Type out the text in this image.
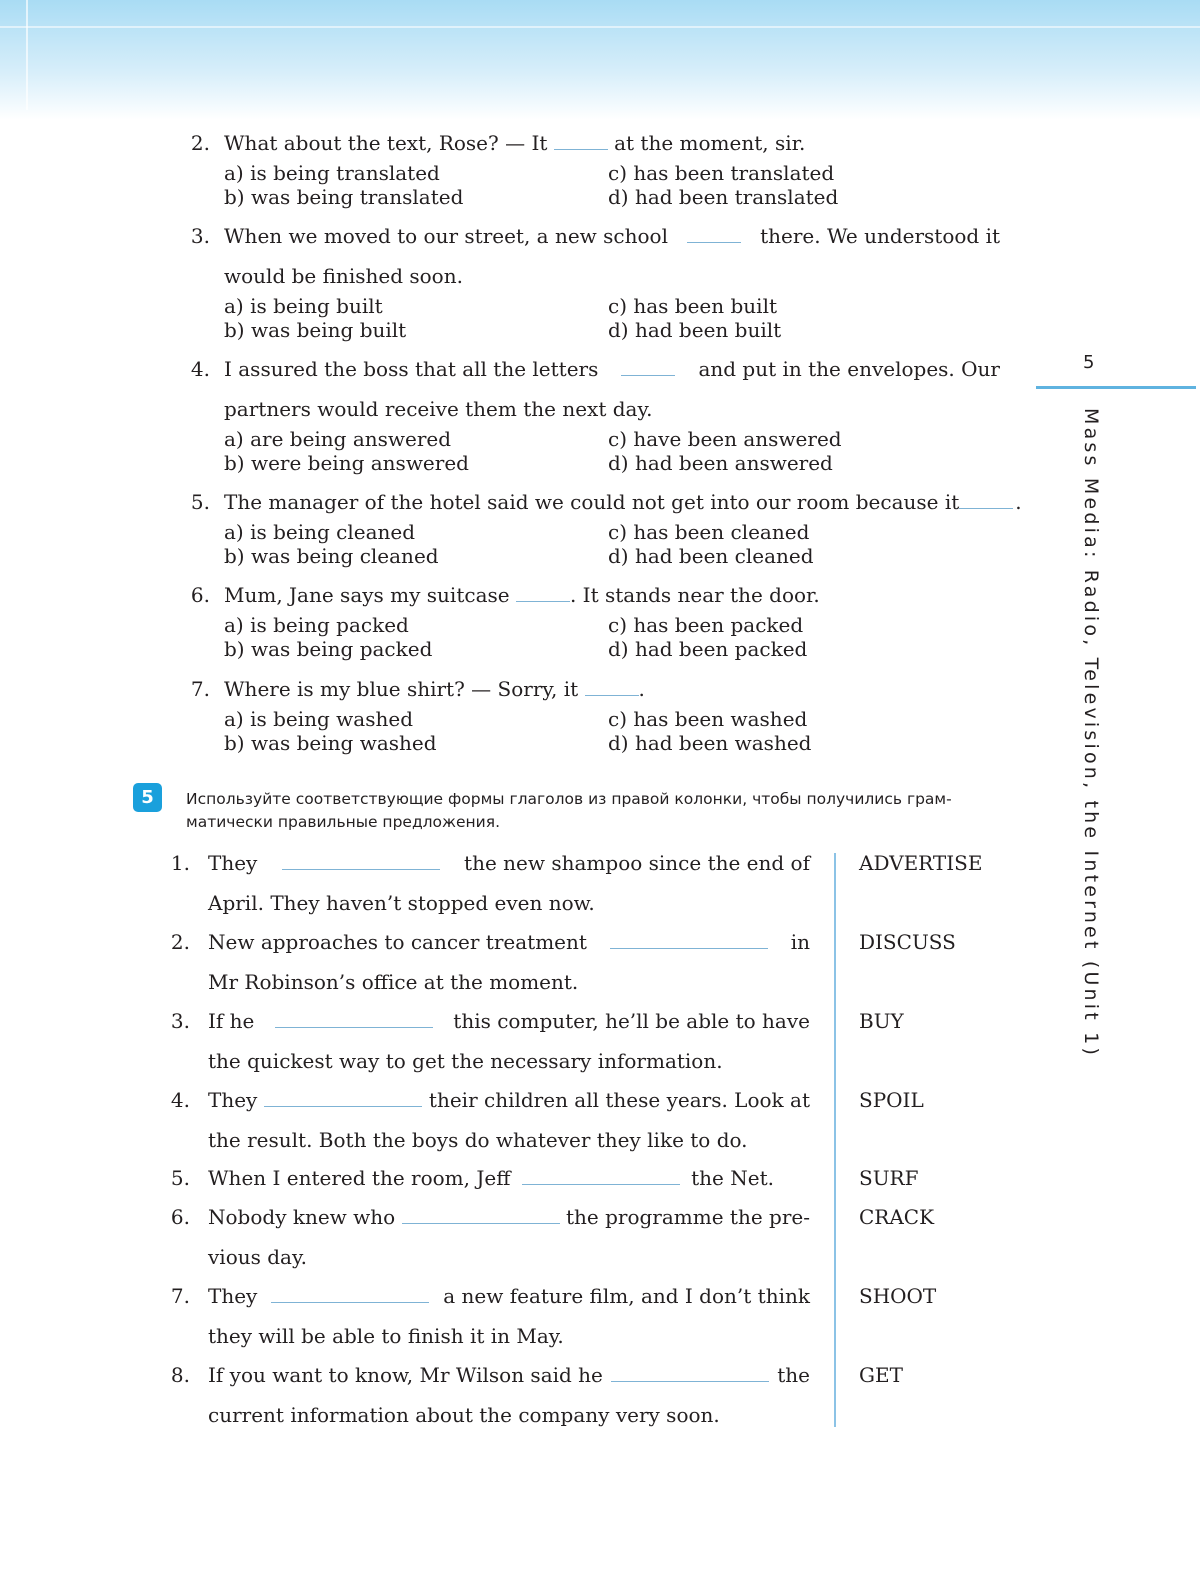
2. What about the text, Rose? — It	at the moment, sir.
a) is being translated
b) was being translated
c) has been translated
d) had been translated
3. When we moved to our street, a new school	there. We understood it
would be finished soon.
a) is being built
b) was being built
c) has been built
d) had been built
4. I assured the boss that all the letters	and put in the envelopes. Our
partners would receive them the next day.
a) are being answered
b) were being answered
c) have been answered
d) had been answered
5. The manager of the hotel said we could not get into our room because it	.
a) is being cleaned
b) was being cleaned
c) has been cleaned
d) had been cleaned
6. Mum, Jane says my suitcase	. It stands near the door.
a) is being packed
b) was being packed
c) has been packed
d) had been packed
7. Where is my blue shirt? — Sorry, it	.
a) is being washed
b) was being washed
c) has been washed
d) had been washed
5	Используйте соответствующие формы глаголов из правой колонки, чтобы получились грам-
матически правильные предложения.
1. They	the new shampoo since the end of
April. They haven’t stopped even now.
ADVERTISE
2. New approaches to cancer treatment	in
Mr Robinson’s office at the moment.
DISCUSS
3. If he	this computer, he’ll be able to have
the quickest way to get the necessary information.
BUY
4. They	their children all these years. Look at
the result. Both the boys do whatever they like to do.
SPOIL
5. When I entered the room, Jeff	the Net.	SURF
6. Nobody knew who	the programme the pre-
vious day.
CRACK
7. They	a new feature film, and I don’t think
they will be able to finish it in May.
SHOOT
8. If you want to know, Mr Wilson said he	the
current information about the company very soon.
GET
5
Mass Media: Radio, Television, the Internet (Unit 1)
